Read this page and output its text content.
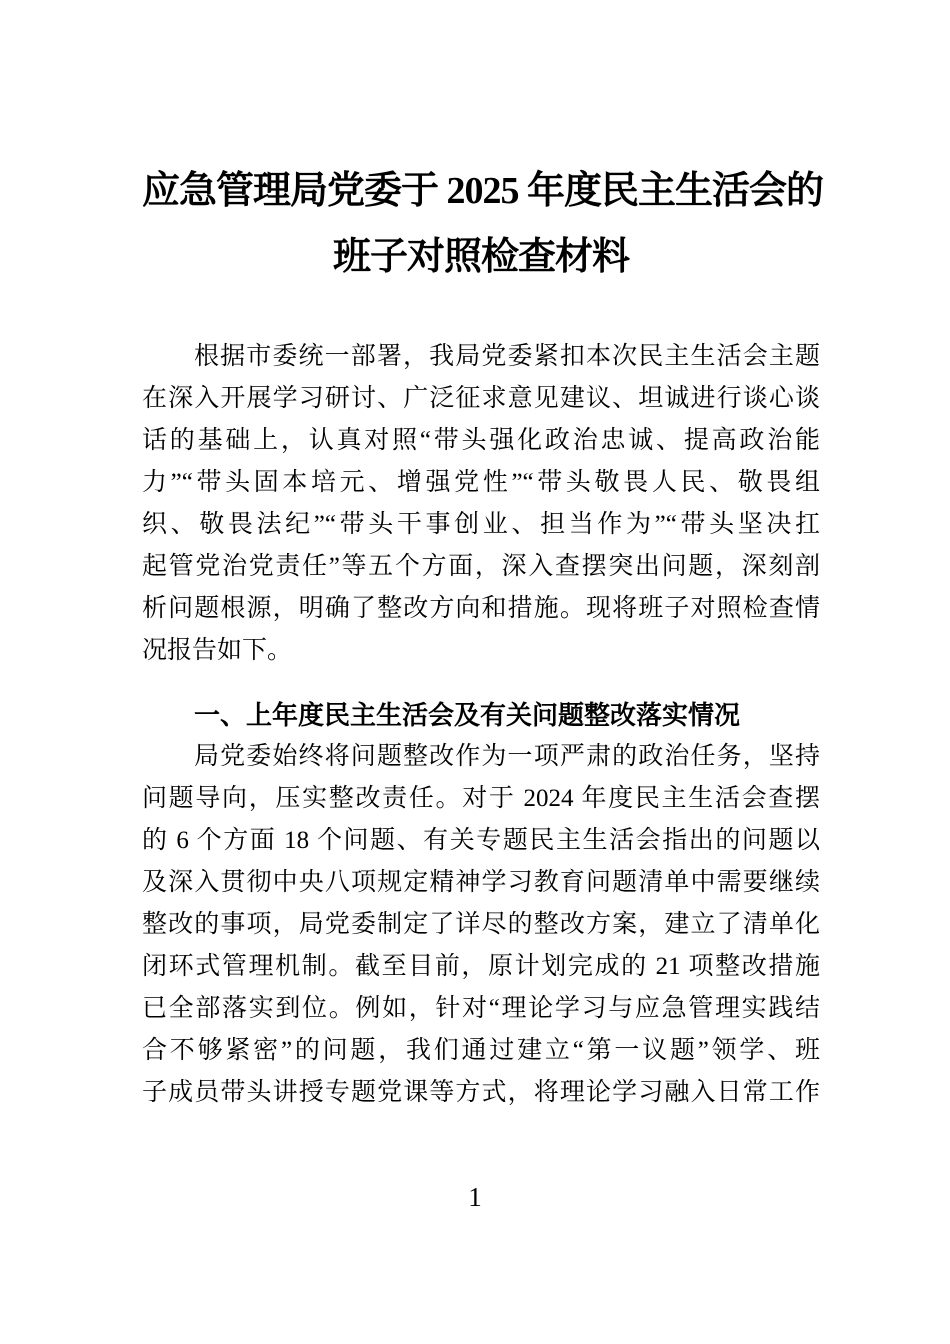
应急管理局党委于 2025 年度民主生活会的
班子对照检查材料
根据市委统一部署，我局党委紧扣本次民主生活会主题
在深入开展学习研讨、广泛征求意见建议、坦诚进行谈心谈
话的基础上，认真对照“带头强化政治忠诚、提高政治能
力”“带头固本培元、增强党性”“带头敬畏人民、敬畏组
织、敬畏法纪”“带头干事创业、担当作为”“带头坚决扛
起管党治党责任”等五个方面，深入查摆突出问题，深刻剖
析问题根源，明确了整改方向和措施。现将班子对照检查情
况报告如下。
一、上年度民主生活会及有关问题整改落实情况
局党委始终将问题整改作为一项严肃的政治任务，坚持
问题导向，压实整改责任。对于 2024 年度民主生活会查摆
的 6 个方面 18 个问题、有关专题民主生活会指出的问题以
及深入贯彻中央八项规定精神学习教育问题清单中需要继续
整改的事项，局党委制定了详尽的整改方案，建立了清单化
闭环式管理机制。截至目前，原计划完成的 21 项整改措施
已全部落实到位。例如，针对“理论学习与应急管理实践结
合不够紧密”的问题，我们通过建立“第一议题”领学、班
子成员带头讲授专题党课等方式，将理论学习融入日常工作
1
